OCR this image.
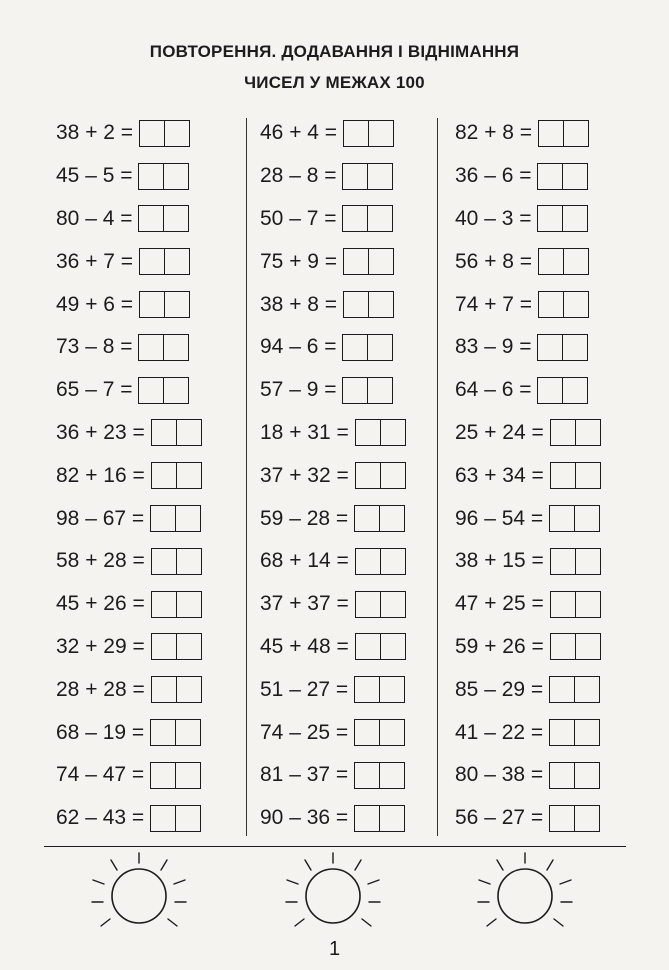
ПОВТОРЕННЯ. ДОДАВАННЯ І ВІДНІМАННЯ
ЧИСЕЛ У МЕЖАХ 100
38 + 2 =
45 – 5 =
80 – 4 =
36 + 7 =
49 + 6 =
73 – 8 =
65 – 7 =
36 + 23 =
82 + 16 =
98 – 67 =
58 + 28 =
45 + 26 =
32 + 29 =
28 + 28 =
68 – 19 =
74 – 47 =
62 – 43 =
46 + 4 =
28 – 8 =
50 – 7 =
75 + 9 =
38 + 8 =
94 – 6 =
57 – 9 =
18 + 31 =
37 + 32 =
59 – 28 =
68 + 14 =
37 + 37 =
45 + 48 =
51 – 27 =
74 – 25 =
81 – 37 =
90 – 36 =
82 + 8 =
36 – 6 =
40 – 3 =
56 + 8 =
74 + 7 =
83 – 9 =
64 – 6 =
25 + 24 =
63 + 34 =
96 – 54 =
38 + 15 =
47 + 25 =
59 + 26 =
85 – 29 =
41 – 22 =
80 – 38 =
56 – 27 =
1
